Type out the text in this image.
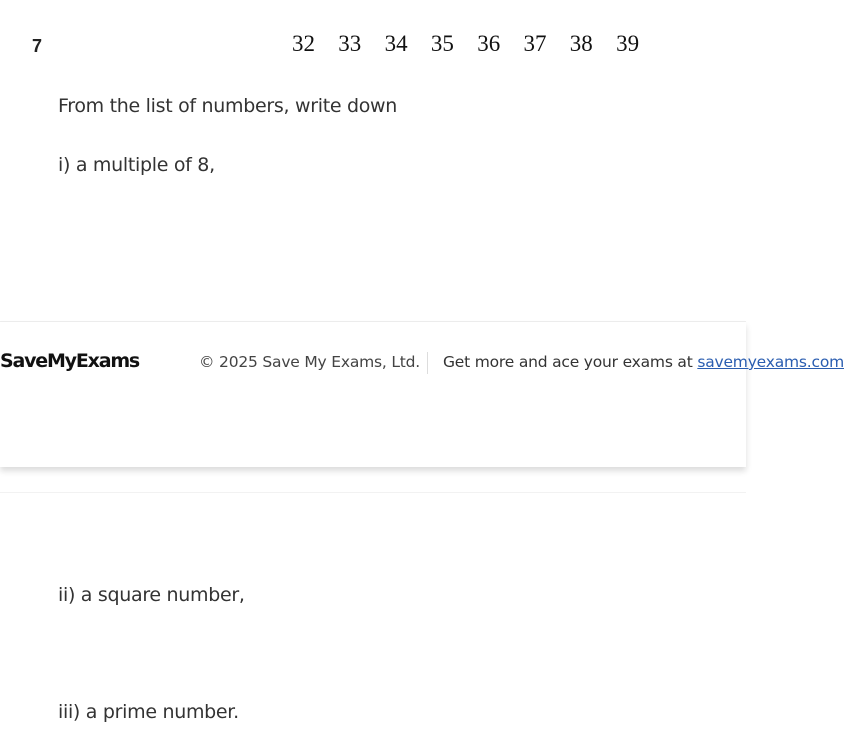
7	32	33	34	35	36	37	38	39
From the list of numbers, write down
i) a multiple of 8,
SaveMyExams	© 2025 Save My Exams, Ltd. Get more and ace your exams at savemyexams.com
ii) a square number,
iii) a prime number.
